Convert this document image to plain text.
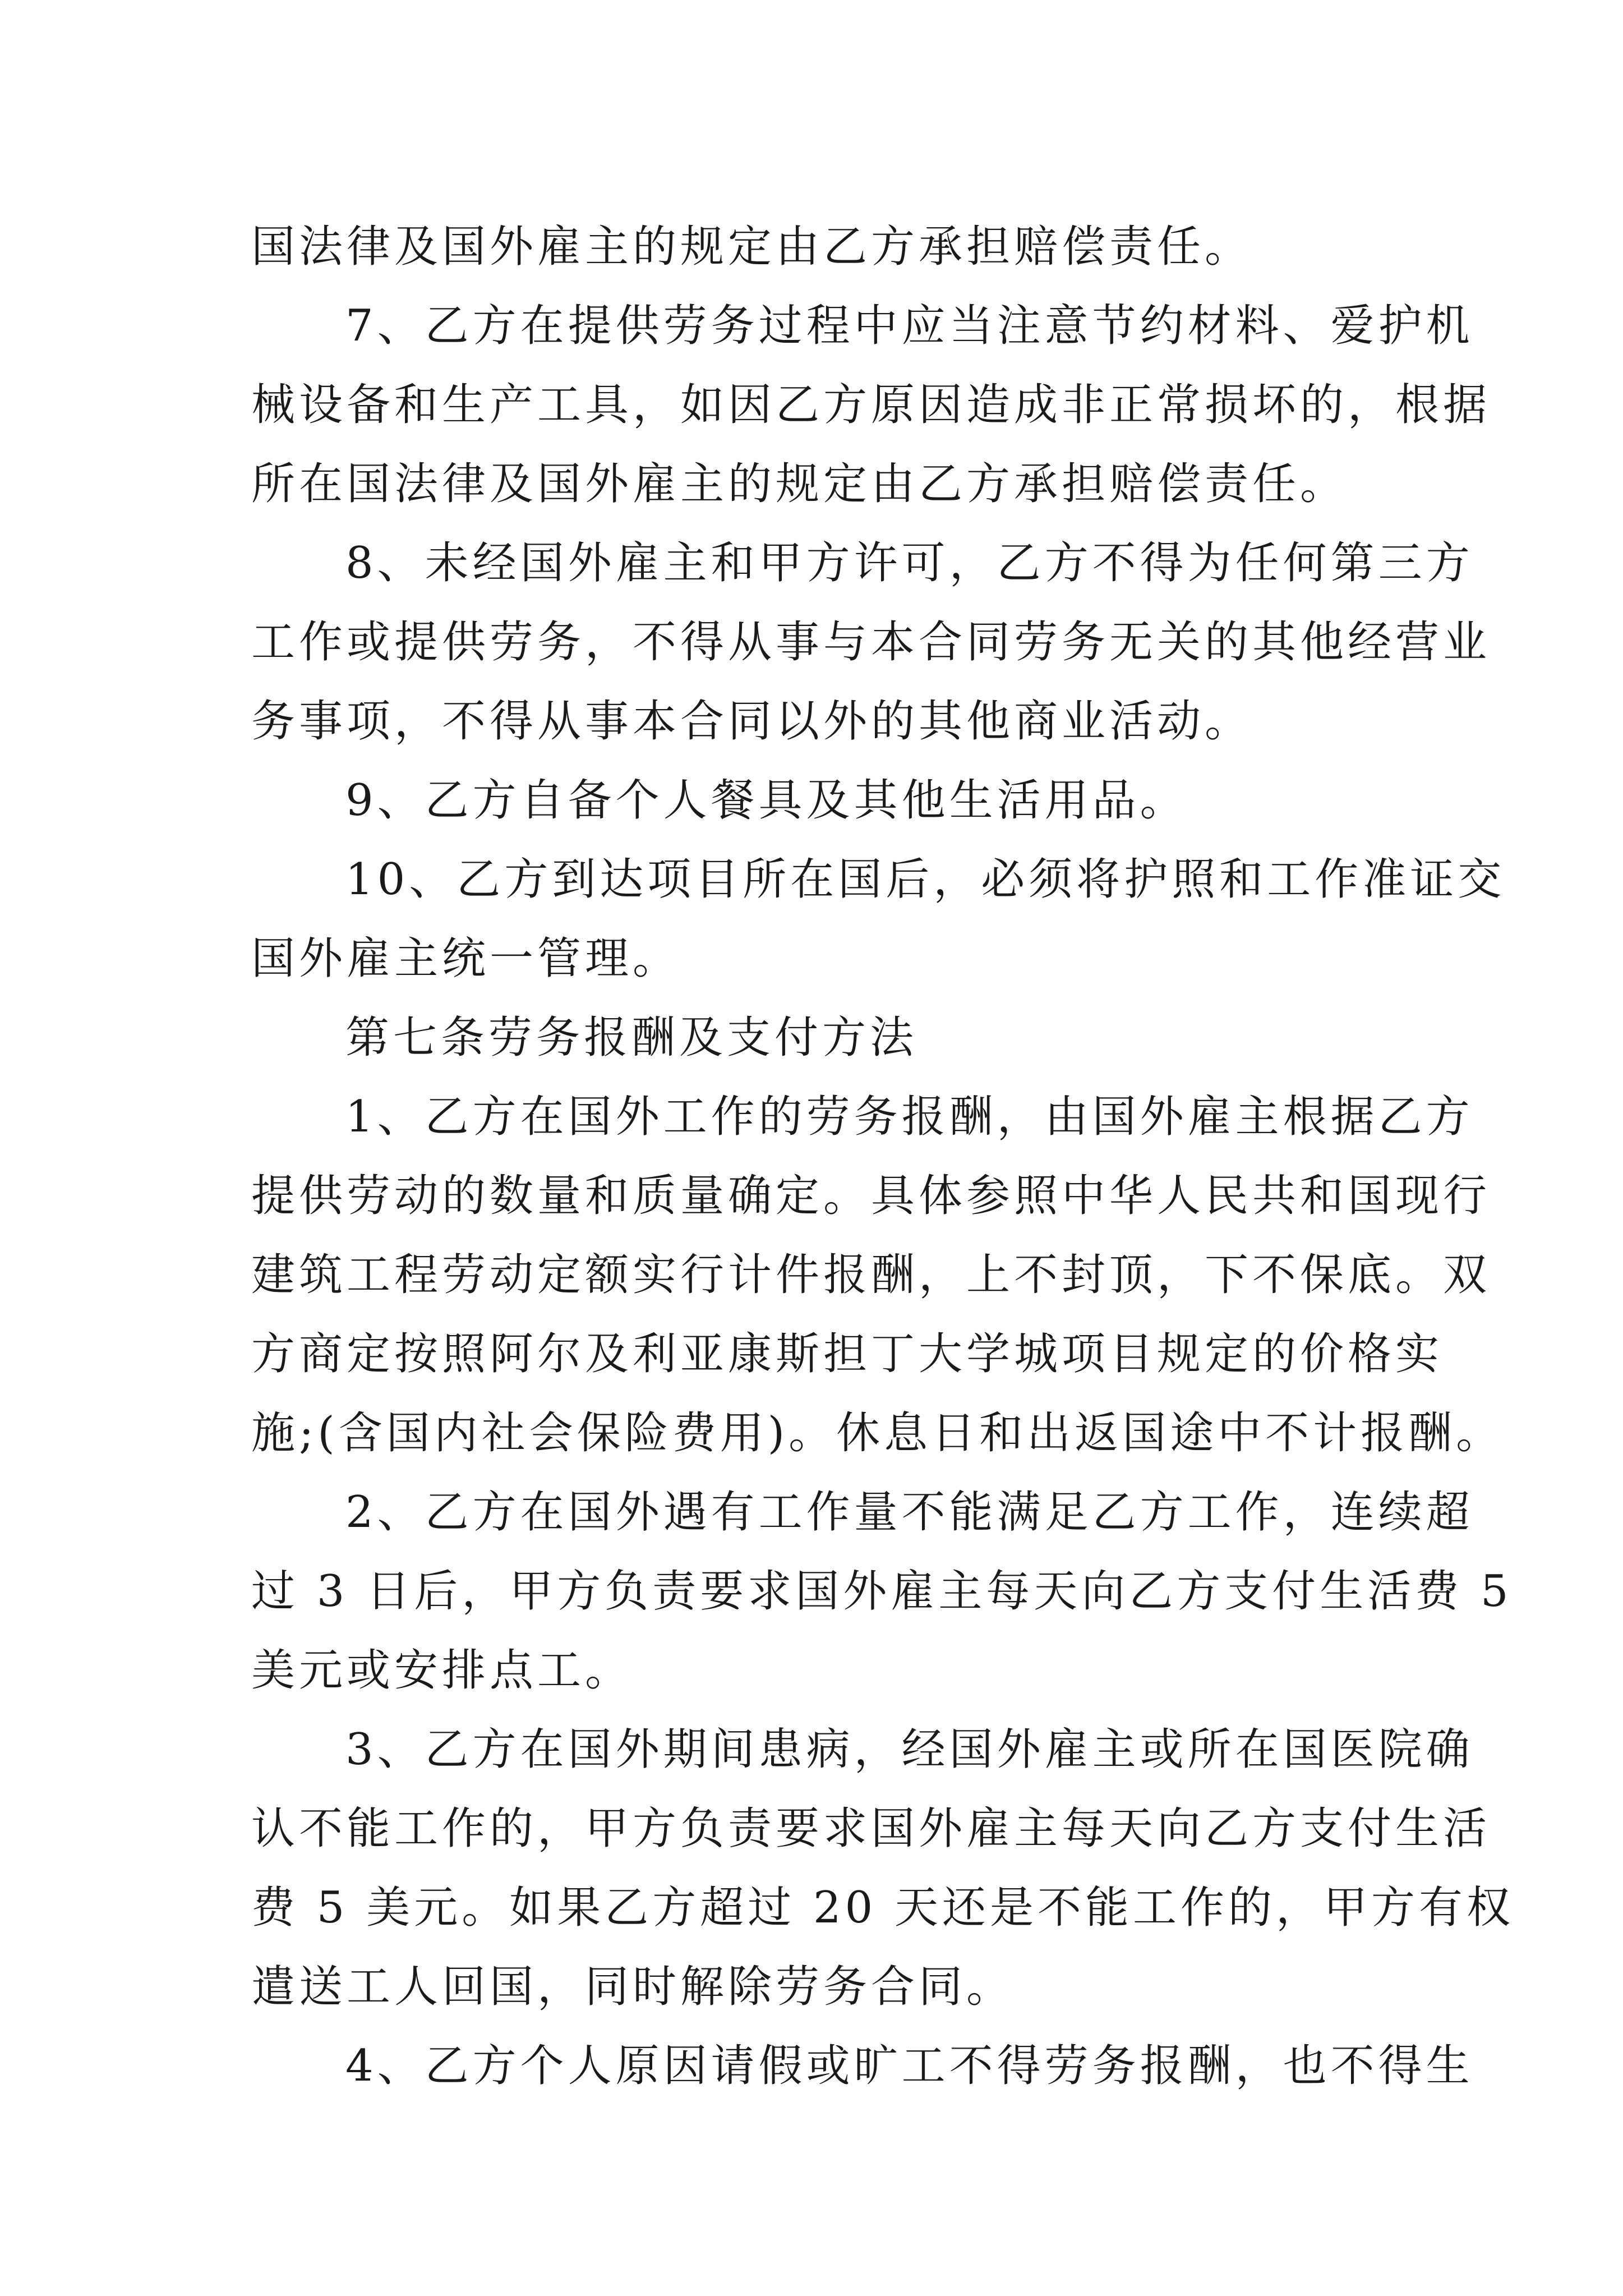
国法律及国外雇主的规定由乙方承担赔偿责任。
7、乙方在提供劳务过程中应当注意节约材料、爱护机
械设备和生产工具，如因乙方原因造成非正常损坏的，根据
所在国法律及国外雇主的规定由乙方承担赔偿责任。
8、未经国外雇主和甲方许可，乙方不得为任何第三方
工作或提供劳务，不得从事与本合同劳务无关的其他经营业
务事项，不得从事本合同以外的其他商业活动。
9、乙方自备个人餐具及其他生活用品。
10、乙方到达项目所在国后，必须将护照和工作准证交
国外雇主统一管理。
第七条劳务报酬及支付方法
1、乙方在国外工作的劳务报酬，由国外雇主根据乙方
提供劳动的数量和质量确定。具体参照中华人民共和国现行
建筑工程劳动定额实行计件报酬，上不封顶，下不保底。双
方商定按照阿尔及利亚康斯担丁大学城项目规定的价格实
施;(含国内社会保险费用)。休息日和出返国途中不计报酬。
2、乙方在国外遇有工作量不能满足乙方工作，连续超
过 3 日后，甲方负责要求国外雇主每天向乙方支付生活费 5
美元或安排点工。
3、乙方在国外期间患病，经国外雇主或所在国医院确
认不能工作的，甲方负责要求国外雇主每天向乙方支付生活
费 5 美元。如果乙方超过 20 天还是不能工作的，甲方有权
遣送工人回国，同时解除劳务合同。
4、乙方个人原因请假或旷工不得劳务报酬，也不得生
